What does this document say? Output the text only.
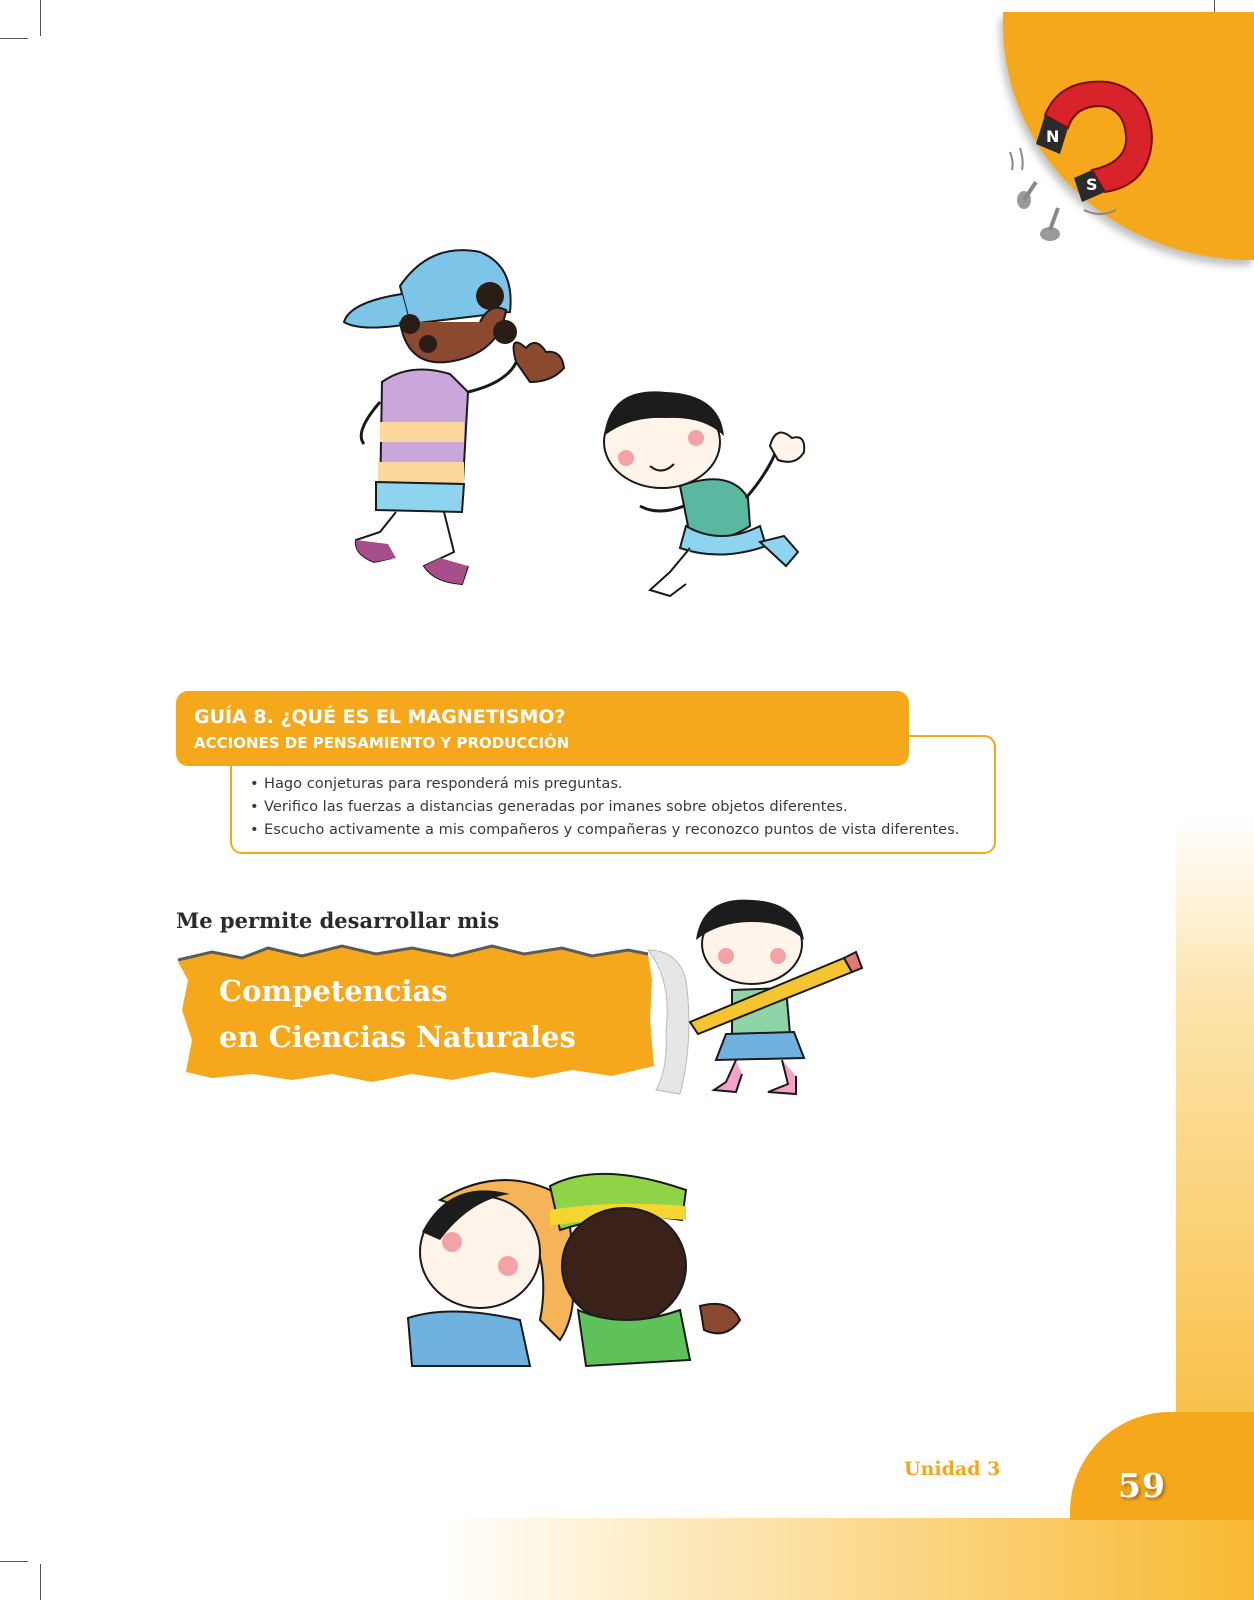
N
S
GUÍA 8. ¿QUÉ ES EL MAGNETISMO?
ACCIONES DE PENSAMIENTO Y PRODUCCIÓN
• Hago conjeturas para responderá mis preguntas.
• Verifico las fuerzas a distancias generadas por imanes sobre objetos diferentes.
• Escucho activamente a mis compañeros y compañeras y reconozco puntos de vista diferentes.
Me permite desarrollar mis
Competencias
en Ciencias Naturales
Unidad 3	59
